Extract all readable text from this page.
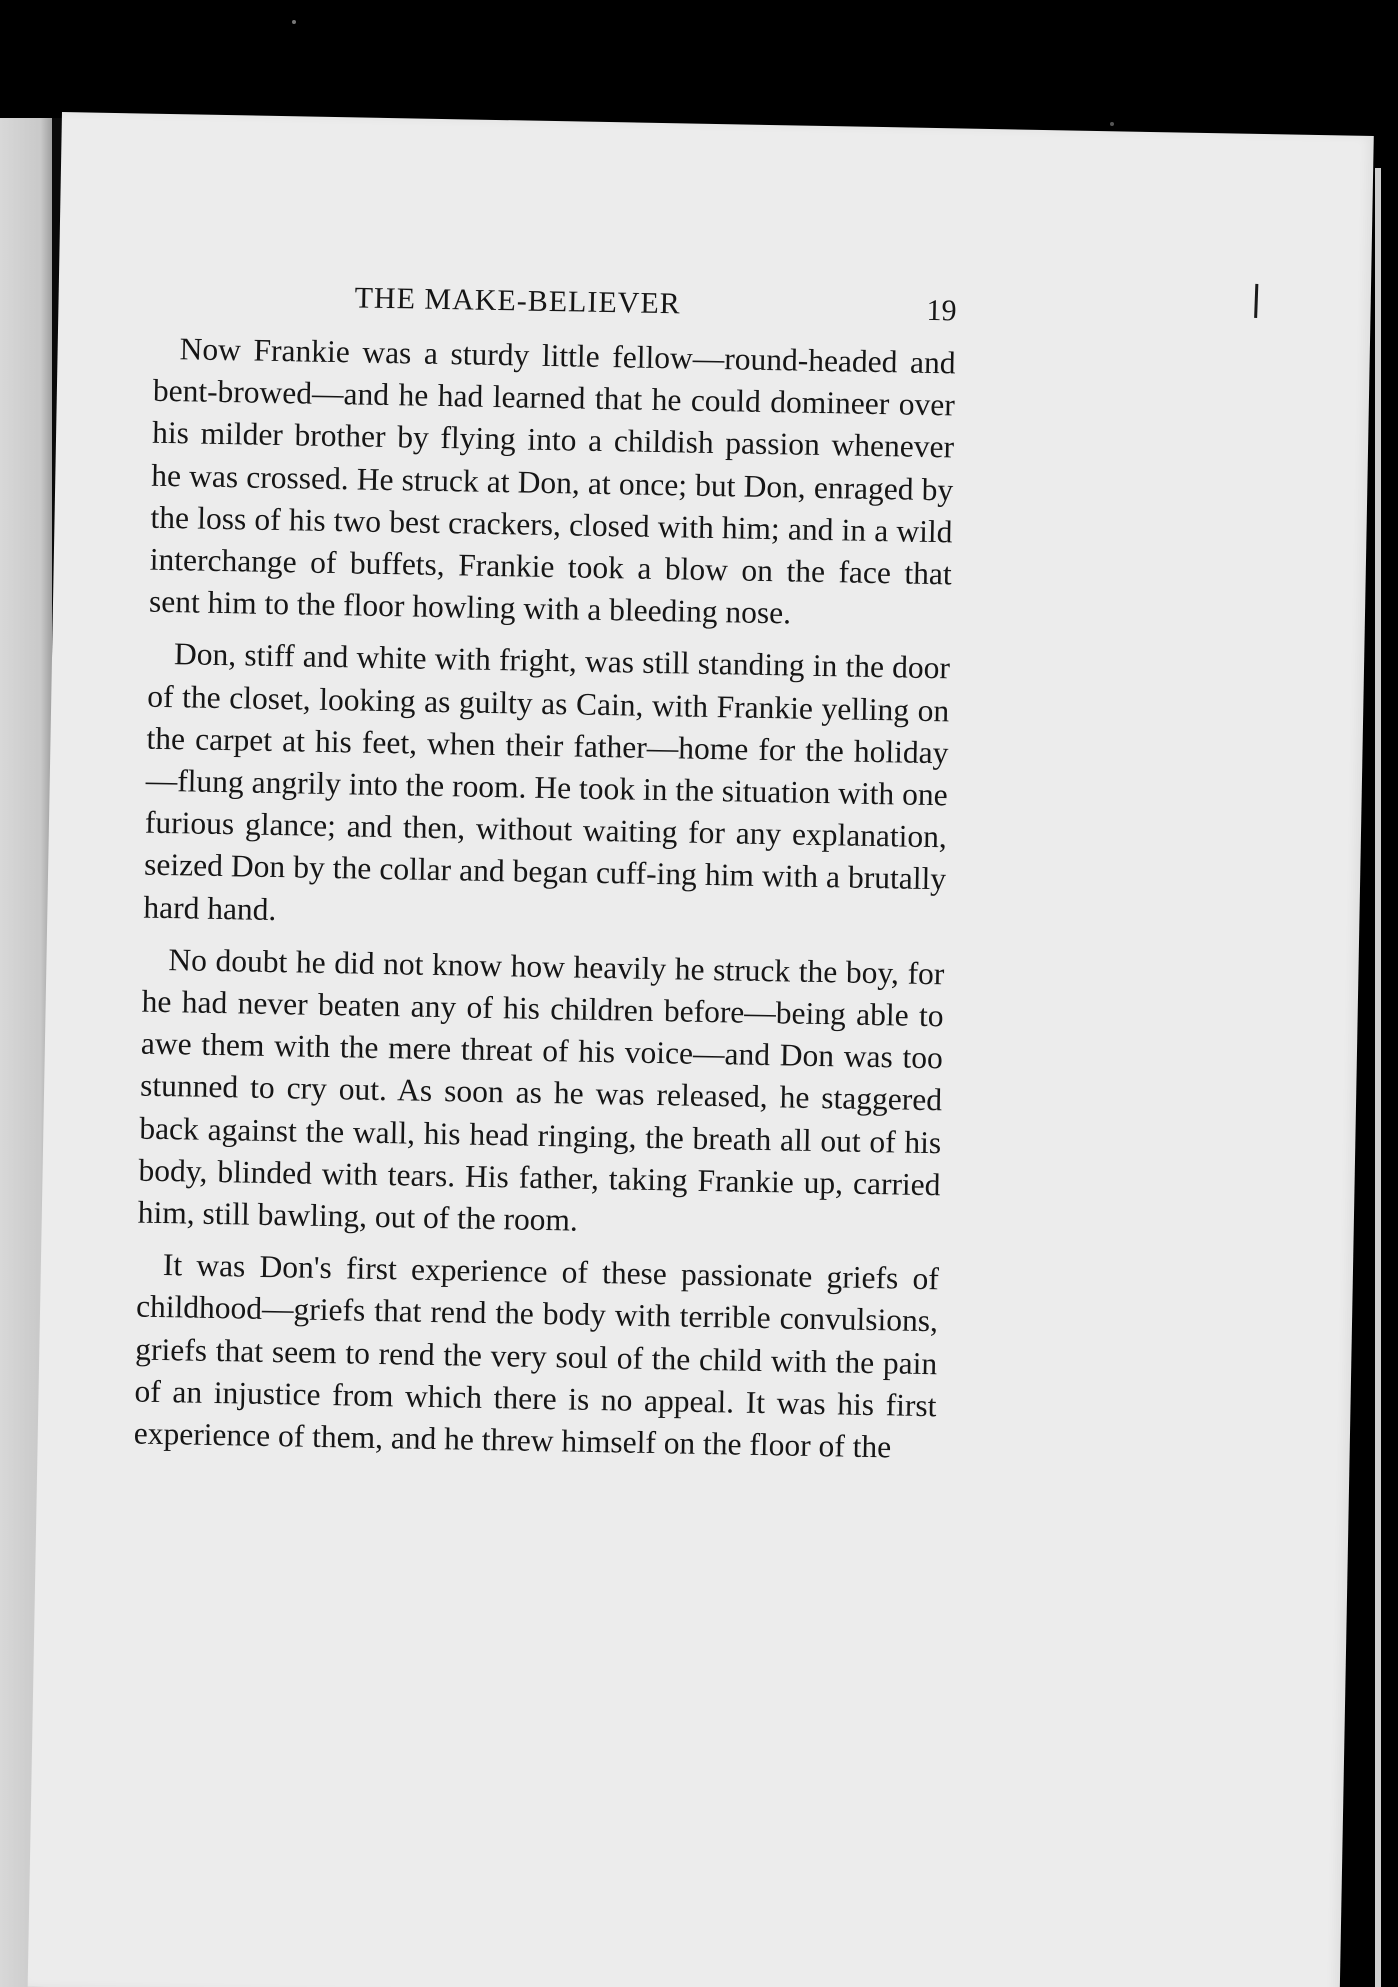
THE MAKE-BELIEVER	19

Now Frankie was a sturdy little fellow—round-headed and bent-browed—and he had learned that he could domineer over his milder brother by flying into a childish passion whenever he was crossed. He struck at Don, at once; but Don, enraged by the loss of his two best crackers, closed with him; and in a wild interchange of buffets, Frankie took a blow on the face that sent him to the floor howling with a bleeding nose.

Don, stiff and white with fright, was still standing in the door of the closet, looking as guilty as Cain, with Frankie yelling on the carpet at his feet, when their father—home for the holiday—flung angrily into the room. He took in the situation with one furious glance; and then, without waiting for any explanation, seized Don by the collar and began cuff-ing him with a brutally hard hand.

No doubt he did not know how heavily he struck the boy, for he had never beaten any of his children before—being able to awe them with the mere threat of his voice—and Don was too stunned to cry out. As soon as he was released, he staggered back against the wall, his head ringing, the breath all out of his body, blinded with tears. His father, taking Frankie up, carried him, still bawling, out of the room.

It was Don's first experience of these passionate griefs of childhood—griefs that rend the body with terrible convulsions, griefs that seem to rend the very soul of the child with the pain of an injustice from which there is no appeal. It was his first experience of them, and he threw himself on the floor of the
